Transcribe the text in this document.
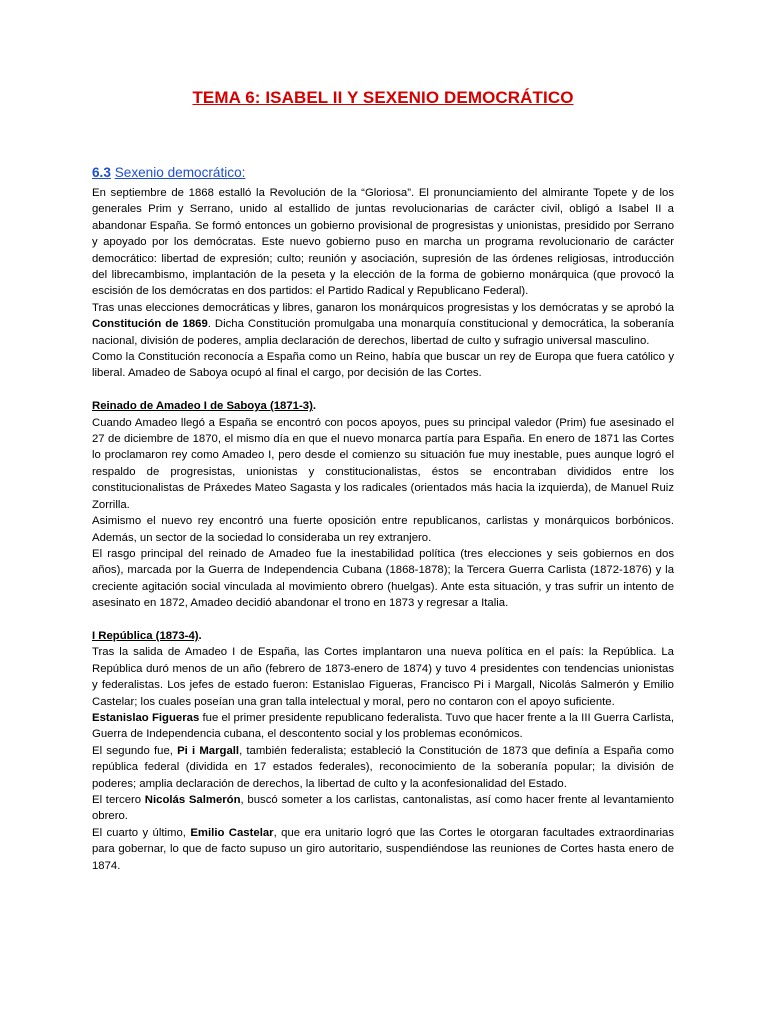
TEMA 6: ISABEL II Y SEXENIO DEMOCRÁTICO
6.3 Sexenio democrático:

En septiembre de 1868 estalló la Revolución de la “Gloriosa”. El pronunciamiento del almirante Topete y de los generales Prim y Serrano, unido al estallido de juntas revolucionarias de carácter civil, obligó a Isabel II a abandonar España. Se formó entonces un gobierno provisional de progresistas y unionistas, presidido por Serrano y apoyado por los demócratas. Este nuevo gobierno puso en marcha un programa revolucionario de carácter democrático: libertad de expresión; culto; reunión y asociación, supresión de las órdenes religiosas, introducción del librecambismo, implantación de la peseta y la elección de la forma de gobierno monárquica (que provocó la escisión de los demócratas en dos partidos: el Partido Radical y Republicano Federal).

Tras unas elecciones democráticas y libres, ganaron los monárquicos progresistas y los demócratas y se aprobó la Constitución de 1869. Dicha Constitución promulgaba una monarquía constitucional y democrática, la soberanía nacional, división de poderes, amplia declaración de derechos, libertad de culto y sufragio universal masculino.

Como la Constitución reconocía a España como un Reino, había que buscar un rey de Europa que fuera católico y liberal. Amadeo de Saboya ocupó al final el cargo, por decisión de las Cortes.

Reinado de Amadeo I de Saboya (1871-3).

Cuando Amadeo llegó a España se encontró con pocos apoyos, pues su principal valedor (Prim) fue asesinado el 27 de diciembre de 1870, el mismo día en que el nuevo monarca partía para España. En enero de 1871 las Cortes lo proclamaron rey como Amadeo I, pero desde el comienzo su situación fue muy inestable, pues aunque logró el respaldo de progresistas, unionistas y constitucionalistas, éstos se encontraban divididos entre los constitucionalistas de Práxedes Mateo Sagasta y los radicales (orientados más hacia la izquierda), de Manuel Ruiz Zorrilla.

Asimismo el nuevo rey encontró una fuerte oposición entre republicanos, carlistas y monárquicos borbónicos. Además, un sector de la sociedad lo consideraba un rey extranjero.

El rasgo principal del reinado de Amadeo fue la inestabilidad política (tres elecciones y seis gobiernos en dos años), marcada por la Guerra de Independencia Cubana (1868-1878); la Tercera Guerra Carlista (1872-1876) y la creciente agitación social vinculada al movimiento obrero (huelgas). Ante esta situación, y tras sufrir un intento de asesinato en 1872, Amadeo decidió abandonar el trono en 1873 y regresar a Italia.

I República (1873-4).

Tras la salida de Amadeo I de España, las Cortes implantaron una nueva política en el país: la República. La República duró menos de un año (febrero de 1873-enero de 1874) y tuvo 4 presidentes con tendencias unionistas y federalistas. Los jefes de estado fueron: Estanislao Figueras, Francisco Pi i Margall, Nicolás Salmerón y Emilio Castelar; los cuales poseían una gran talla intelectual y moral, pero no contaron con el apoyo suficiente.

Estanislao Figueras fue el primer presidente republicano federalista. Tuvo que hacer frente a la III Guerra Carlista, Guerra de Independencia cubana, el descontento social y los problemas económicos.

El segundo fue, Pi i Margall, también federalista; estableció la Constitución de 1873 que definía a España como república federal (dividida en 17 estados federales), reconocimiento de la soberanía popular; la división de poderes; amplia declaración de derechos, la libertad de culto y la aconfesionalidad del Estado.

El tercero Nicolás Salmerón, buscó someter a los carlistas, cantonalistas, así como hacer frente al levantamiento obrero.

El cuarto y último, Emilio Castelar, que era unitario logró que las Cortes le otorgaran facultades extraordinarias para gobernar, lo que de facto supuso un giro autoritario, suspendiéndose las reuniones de Cortes hasta enero de 1874.
